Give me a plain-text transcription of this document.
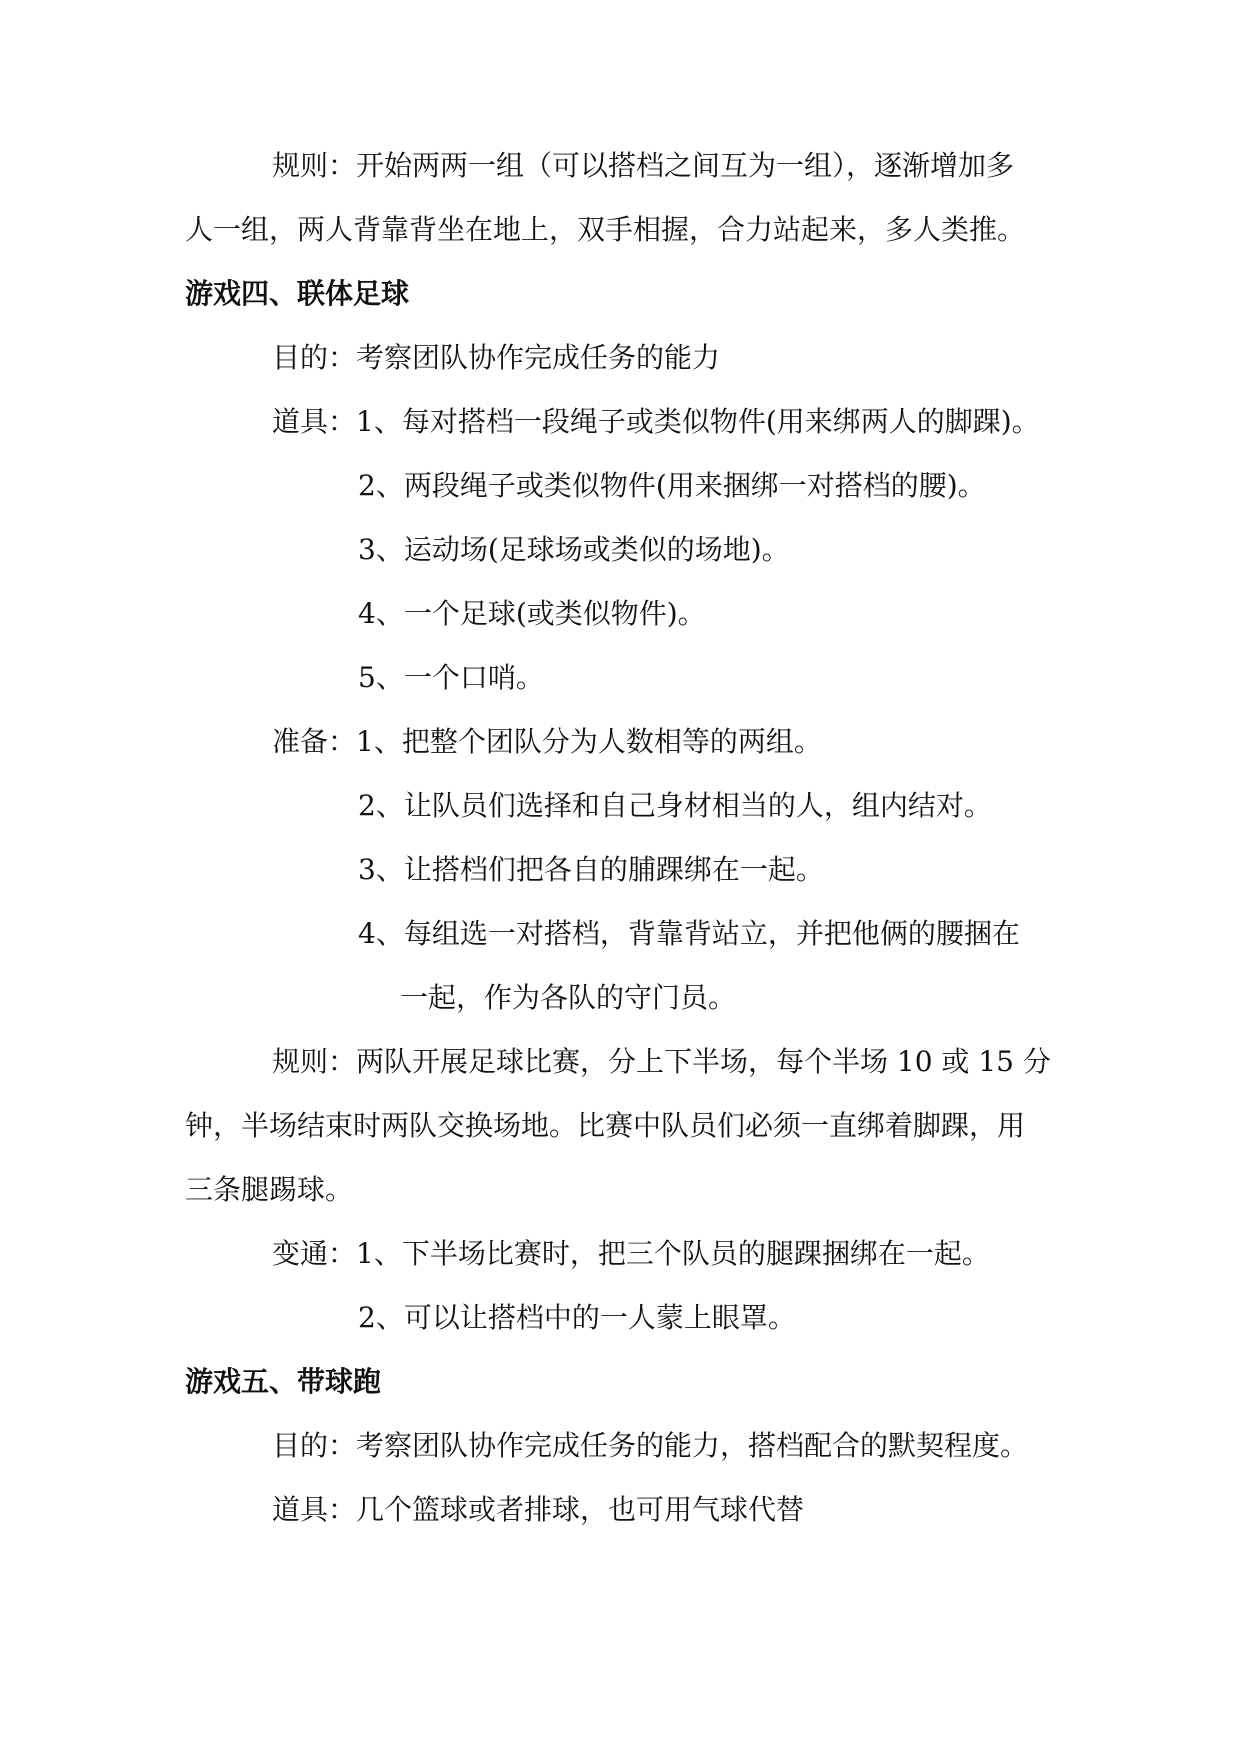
规则：开始两两一组（可以搭档之间互为一组），逐渐增加多
人一组，两人背靠背坐在地上，双手相握，合力站起来，多人类推。
游戏四、联体足球
目的：考察团队协作完成任务的能力
道具：1、每对搭档一段绳子或类似物件(用来绑两人的脚踝)。
2、两段绳子或类似物件(用来捆绑一对搭档的腰)。
3、运动场(足球场或类似的场地)。
4、一个足球(或类似物件)。
5、一个口哨。
准备：1、把整个团队分为人数相等的两组。
2、让队员们选择和自己身材相当的人，组内结对。
3、让搭档们把各自的脯踝绑在一起。
4、每组选一对搭档，背靠背站立，并把他俩的腰捆在
一起，作为各队的守门员。
规则：两队开展足球比赛，分上下半场，每个半场 10 或 15 分
钟，半场结束时两队交换场地。比赛中队员们必须一直绑着脚踝，用
三条腿踢球。
变通：1、下半场比赛时，把三个队员的腿踝捆绑在一起。
2、可以让搭档中的一人蒙上眼罩。
游戏五、带球跑
目的：考察团队协作完成任务的能力，搭档配合的默契程度。
道具：几个篮球或者排球，也可用气球代替
